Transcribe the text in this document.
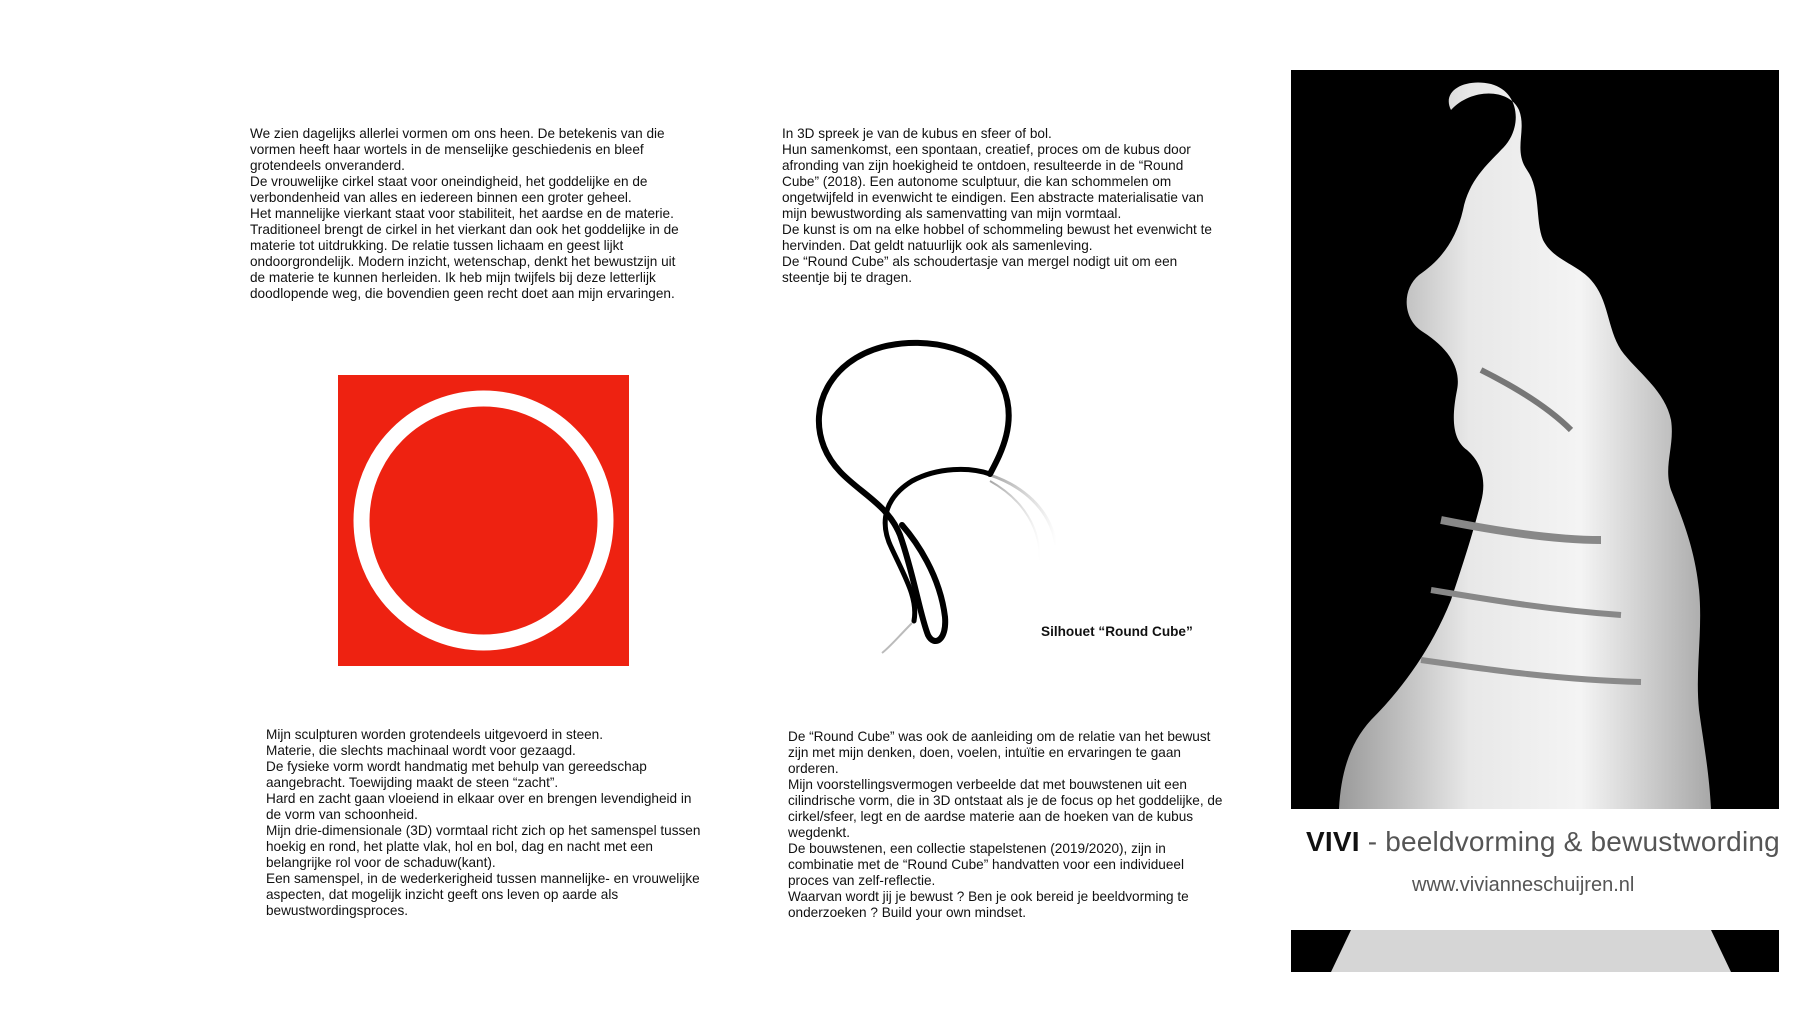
We zien dagelijks allerlei vormen om ons heen. De betekenis van die vormen heeft haar wortels in de menselijke geschiedenis en bleef grotendeels onveranderd.

De vrouwelijke cirkel staat voor oneindigheid, het goddelijke en de verbondenheid van alles en iedereen binnen een groter geheel.

Het mannelijke vierkant staat voor stabiliteit, het aardse en de materie.

Traditioneel brengt de cirkel in het vierkant dan ook het goddelijke in de materie tot uitdrukking. De relatie tussen lichaam en geest lijkt ondoorgrondelijk. Modern inzicht, wetenschap, denkt het bewustzijn uit de materie te kunnen herleiden. Ik heb mijn twijfels bij deze letterlijk doodlopende weg, die bovendien geen recht doet aan mijn ervaringen.

In 3D spreek je van de kubus en sfeer of bol.

Hun samenkomst, een spontaan, creatief, proces om de kubus door afronding van zijn hoekigheid te ontdoen, resulteerde in de “Round Cube” (2018). Een autonome sculptuur, die kan schommelen om ongetwijfeld in evenwicht te eindigen. Een abstracte materialisatie van mijn bewustwording als samenvatting van mijn vormtaal.

De kunst is om na elke hobbel of schommeling bewust het evenwicht te hervinden. Dat geldt natuurlijk ook als samenleving.

De “Round Cube” als schoudertasje van mergel nodigt uit om een steentje bij te dragen.

Silhouet “Round Cube”

Mijn sculpturen worden grotendeels uitgevoerd in steen.

Materie, die slechts machinaal wordt voor gezaagd.

De fysieke vorm wordt handmatig met behulp van gereedschap aangebracht. Toewijding maakt de steen “zacht”.

Hard en zacht gaan vloeiend in elkaar over en brengen levendigheid in de vorm van schoonheid.

Mijn drie-dimensionale (3D) vormtaal richt zich op het samenspel tussen hoekig en rond, het platte vlak, hol en bol, dag en nacht met een belangrijke rol voor de schaduw(kant).

Een samenspel, in de wederkerigheid tussen mannelijke- en vrouwelijke aspecten, dat mogelijk inzicht geeft ons leven op aarde als bewustwordingsproces.

De “Round Cube” was ook de aanleiding om de relatie van het bewust zijn met mijn denken, doen, voelen, intuïtie en ervaringen te gaan orderen.

Mijn voorstellingsvermogen verbeelde dat met bouwstenen uit een cilindrische vorm, die in 3D ontstaat als je de focus op het goddelijke, de cirkel/sfeer, legt en de aardse materie aan de hoeken van de kubus wegdenkt.

De bouwstenen, een collectie stapelstenen (2019/2020), zijn in combinatie met de “Round Cube” handvatten voor een individueel proces van zelf-reflectie.

Waarvan wordt jij je bewust ? Ben je ook bereid je beeldvorming te onderzoeken ? Build your own mindset.

VIVI - beeldvorming & bewustwording
www.vivianneschuijren.nl
